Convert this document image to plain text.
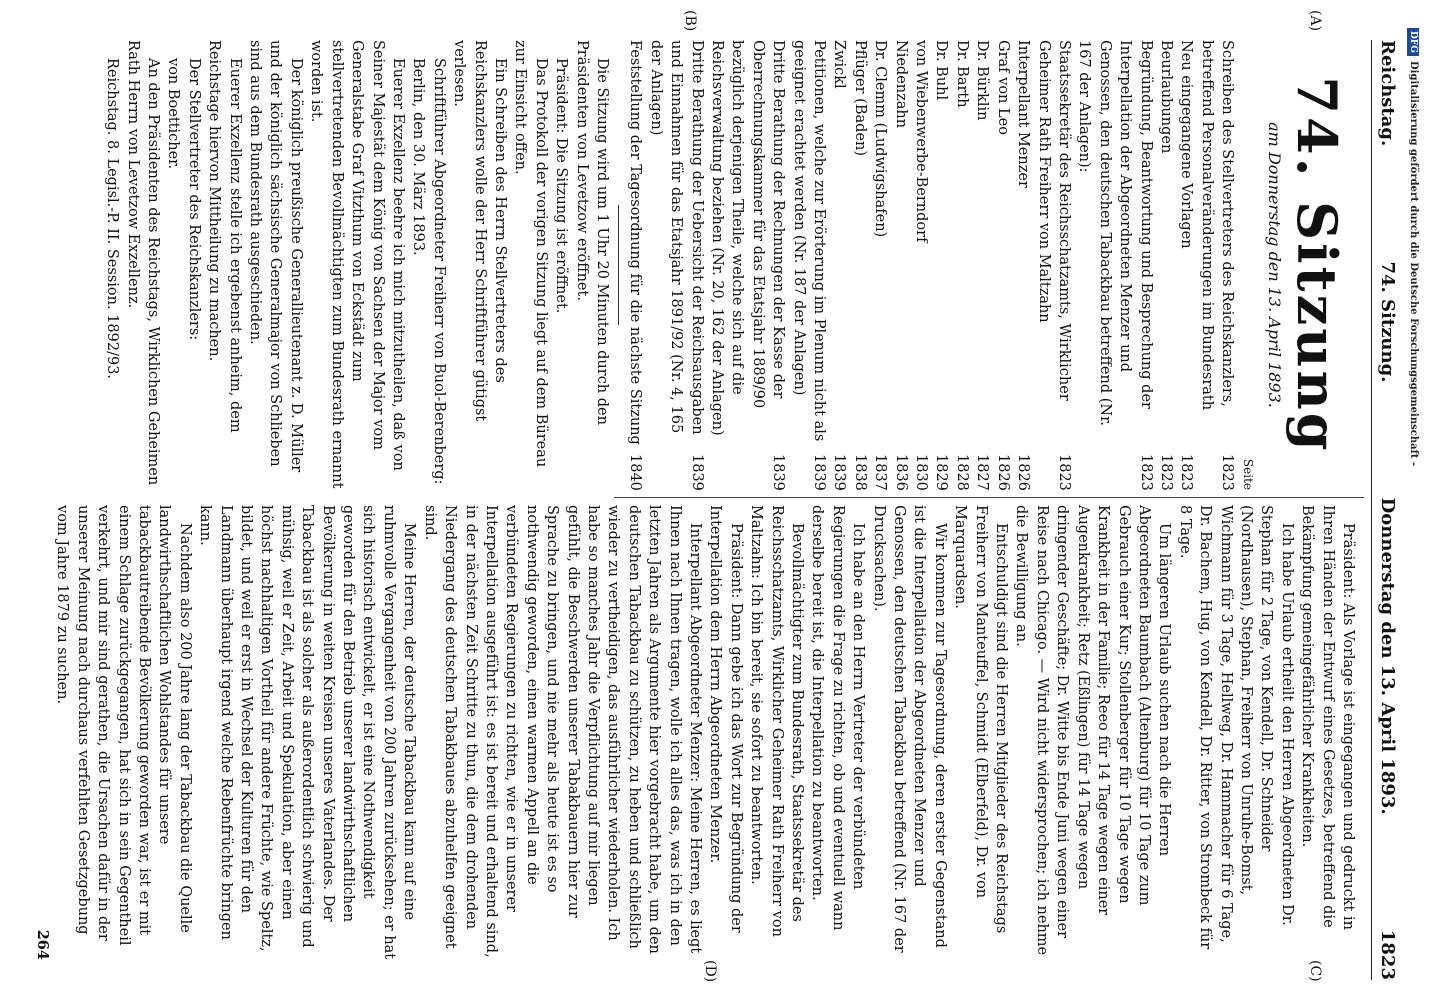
Reichstag.
74. Sitzung.
Donnerstag den 13. April 1893.
1823
(A)
(B)
(C)
(D)
74. Sitzung
am Donnerstag den 13. April 1893.
Seite
Schreiben des Stellvertreters des Reichskanzlers, betreffend Personalveränderungen im Bundesrath
1823
Neu eingegangene Vorlagen
1823
Beurlaubungen
1823
Begründung, Beantwortung und Besprechung der Interpellation der Abgeordneten Menzer und Genossen, den deutschen Tabackbau betreffend (Nr. 167 der Anlagen):
1823
Staatssekretär des Reichsschatzamts, Wirklicher Geheimer Rath Freiherr von Maltzahn
1823
Interpellant Menzer
1826
Graf von Leo
1826
Dr. Bürklin
1827
Dr. Barth
1828
Dr. Buhl
1829
von Wiebenwerbe-Berndorf
1830
Niedenzahn
1836
Dr. Clemm (Ludwigshafen)
1837
Pflüger (Baden)
1838
Zwickl
1839
Petitionen, welche zur Erörterung im Plenum nicht als geeignet erachtet werden (Nr. 187 der Anlagen)
1839
Dritte Berathung der Rechnungen der Kasse der Oberrechnungskammer für das Etatsjahr 1889/90 bezüglich derjenigen Theile, welche sich auf die Reichsverwaltung beziehen (Nr. 20, 162 der Anlagen)
1839
Dritte Berathung der Uebersicht der Reichsausgaben und Einnahmen für das Etatsjahr 1891/92 (Nr. 4, 165 der Anlagen)
1839
Feststellung der Tagesordnung für die nächste Sitzung
1840

Die Sitzung wird um 1 Uhr 20 Minuten durch den Präsidenten von Levetzow eröffnet.

Präsident: Die Sitzung ist eröffnet.

Das Protokoll der vorigen Sitzung liegt auf dem Büreau zur Einsicht offen.

Ein Schreiben des Herrn Stellvertreters des Reichskanzlers wolle der Herr Schriftführer gütigst verlesen.

Schriftführer Abgeordneter Freiherr von Buol-Berenberg:

Berlin, den 30. März 1893.

Euerer Exzellenz beehre ich mich mitzutheilen, daß von Seiner Majestät dem König von Sachsen der Major vom Generalstabe Graf Vitzthum von Eckstädt zum stellvertretenden Bevollmächtigten zum Bundesrath ernannt worden ist.

Der königlich preußische Generallieutenant z. D. Müller und der königlich sächsische Generalmajor von Schlieben sind aus dem Bundesrath ausgeschieden.

Euerer Exzellenz stelle ich ergebenst anheim, dem Reichstage hiervon Mittheilung zu machen.

Der Stellvertreter des Reichskanzlers:

von Boetticher.

An den Präsidenten des Reichstags, Wirklichen Geheimen Rath Herrn von Levetzow Exzellenz.

Reichstag. 8. Legisl.-P. II. Session. 1892/93.

Präsident: Als Vorlage ist eingegangen und gedruckt in Ihren Händen der Entwurf eines Gesetzes, betreffend die Bekämpfung gemeingefährlicher Krankheiten.

Ich habe Urlaub ertheilt den Herren Abgeordneten Dr. Stephan für 2 Tage, von Kendell, Dr. Schneider (Nordhausen), Stephan, Freiherr von Unruhe-Bomst, Wichmann für 3 Tage, Hellweg, Dr. Hammacher für 6 Tage, Dr. Bachem, Hug, von Kendell, Dr. Ritter, von Strombeck für 8 Tage.

Um längeren Urlaub suchen nach die Herren Abgeordneten Baumbach (Altenburg) für 10 Tage zum Gebrauch einer Kur; Stollenberger für 10 Tage wegen Krankheit in der Familie; Reeo für 14 Tage wegen einer Augenkrankheit; Retz (Eßlingen) für 14 Tage wegen dringender Geschäfte; Dr. Witte bis Ende Juni wegen einer Reise nach Chicago. — Wird nicht widersprochen; ich nehme die Bewilligung an.

Entschuldigt sind die Herren Mitglieder des Reichstags Freiherr von Manteuffel, Schmidt (Elberfeld), Dr. von Marquardsen.

Wir kommen zur Tagesordnung, deren erster Gegenstand ist die Interpellation der Abgeordneten Menzer und Genossen, den deutschen Tabackbau betreffend (Nr. 167 der Drucksachen).

Ich habe an den Herrn Vertreter der verbündeten Regierungen die Frage zu richten, ob und eventuell wann derselbe bereit ist, die Interpellation zu beantworten.

Bevollmächtigter zum Bundesrath, Staatssekretär des Reichsschatzamts, Wirklicher Geheimer Rath Freiherr von Maltzahn: Ich bin bereit, sie sofort zu beantworten.

Präsident: Dann gebe ich das Wort zur Begründung der Interpellation dem Herrn Abgeordneten Menzer.

Interpellant Abgeordneter Menzer: Meine Herren, es liegt Ihnen nach Ihnen tragen, wolle ich alles das, was ich in den letzten Jahren als Argumente hier vorgebracht habe, um den deutschen Tabackbau zu schützen, zu heben und schließlich wieder zu vertheidigen, das ausführlicher wiederholen. Ich habe so manches Jahr die Verpflichtung auf mir liegen gefühlt, die Beschwerden unserer Tabakbauern hier zur Sprache zu bringen, und nie mehr als heute ist es so nothwendig geworden, einen warmen Appell an die verbündeten Regierungen zu richten, wie er in unserer Interpellation ausgeführt ist: es ist bereit und erhaltend sind, in der nächsten Zeit Schritte zu thun, die dem drohenden Niedergang des deutschen Tabakbaues abzuhelfen geeignet sind.

Meine Herren, der deutsche Tabackbau kann auf eine ruhmvolle Vergangenheit von 200 Jahren zurücksehen; er hat sich historisch entwickelt, er ist eine Nothwendigkeit geworden für den Betrieb unserer landwirthschaftlichen Bevölkerung in weiten Kreisen unseres Vaterlandes. Der Tabackbau ist als solcher als außerordentlich schwierig und mühsig, weil er Zeit, Arbeit und Spekulation, aber einen höchst nachhaltigen Vortheil für andere Früchte, wie Speltz, bildet, und weil er erst in Wechsel der Kulturen für den Landmann überhaupt irgend welche Rebenfrüchte bringen kann.

Nachdem also 200 Jahre lang der Tabackbau die Quelle landwirthschaftlichen Wohlstandes für unsere tabackbautreibende Bevölkerung geworden war, ist er mit einem Schlage zurückgegangen, hat sich in sein Gegentheil verkehrt, und mir sind gerathen, die Ursachen dafür in der unserer Meinung nach durchaus verfehlten Gesetzgebung vom Jahre 1879 zu suchen.

264
DFG Digitalisierung gefördert durch die Deutsche Forschungsgemeinschaft -
